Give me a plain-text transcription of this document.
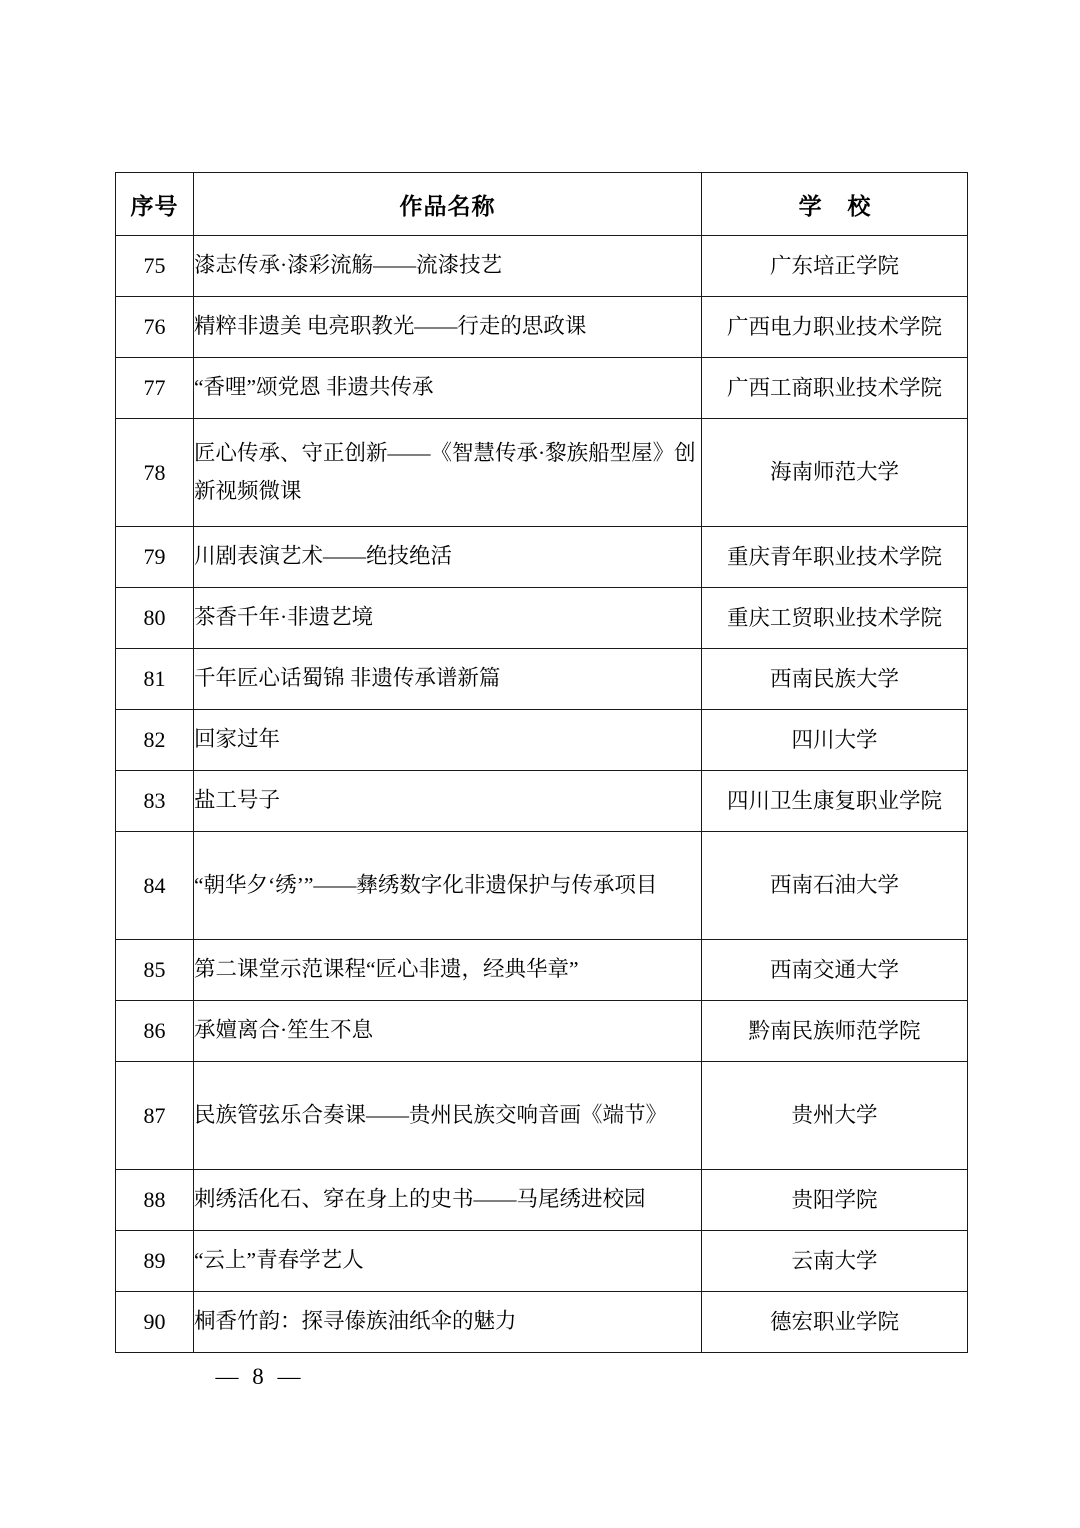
序号	作品名称	学 校
75	漆志传承·漆彩流觞——流漆技艺	广东培正学院
76	精粹非遗美 电亮职教光——行走的思政课	广西电力职业技术学院
77	“香哩”颂党恩 非遗共传承	广西工商职业技术学院
78	匠心传承、守正创新——《智慧传承·黎族船型屋》创新视频微课	海南师范大学
79	川剧表演艺术——绝技绝活	重庆青年职业技术学院
80	茶香千年·非遗艺境	重庆工贸职业技术学院
81	千年匠心话蜀锦 非遗传承谱新篇	西南民族大学
82	回家过年	四川大学
83	盐工号子	四川卫生康复职业学院
84	“朝华夕‘绣’”——彝绣数字化非遗保护与传承项目	西南石油大学
85	第二课堂示范课程“匠心非遗，经典华章”	西南交通大学
86	承嬗离合·笙生不息	黔南民族师范学院
87	民族管弦乐合奏课——贵州民族交响音画《端节》	贵州大学
88	刺绣活化石、穿在身上的史书——马尾绣进校园	贵阳学院
89	“云上”青春学艺人	云南大学
90	桐香竹韵：探寻傣族油纸伞的魅力	德宏职业学院
— 8 —
